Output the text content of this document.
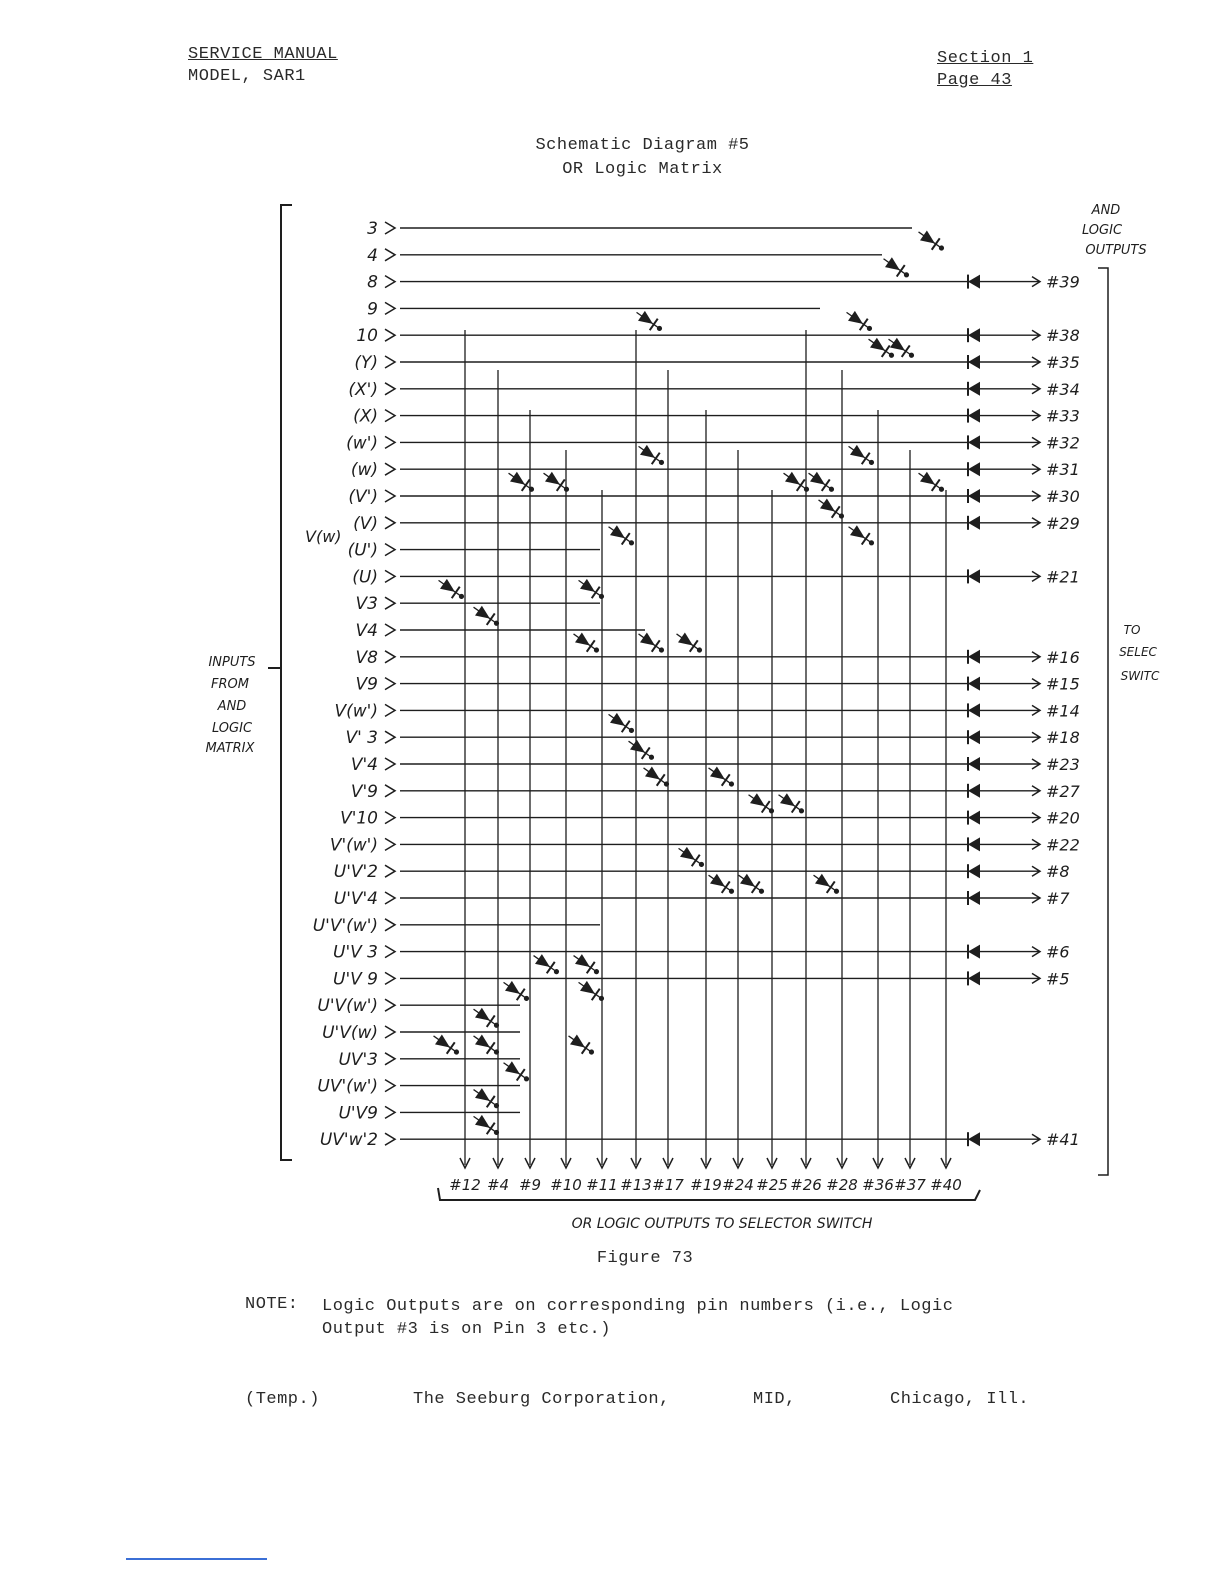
SERVICE MANUAL
MODEL, SAR1
Section 1
Page 43
Schematic Diagram #5
OR Logic Matrix
3
4
8
9
10
(Y)
(X')
(X)
(w')
(w)
(V')
(V)
(U')
(U)
V3
V4
V8
V9
V(w')
V' 3
V'4
V'9
V'10
V'(w')
U'V'2
U'V'4
U'V'(w')
U'V 3
U'V 9
U'V(w')
U'V(w)
UV'3
UV'(w')
U'V9
UV'w'2
V(w)
#12 #4 #9 #10 #11 #13 #17 #19 #24 #25 #26 #28 #36 #37 #40
#39
#38
#35
#34
#33
#32
#31
#30
#29
#21
#16
#15
#14
#18
#23
#27
#20
#22
#8
#7
#6
#5
#41
INPUTS
FROM
AND
LOGIC
MATRIX
AND
LOGIC
OUTPUTS
TO
SELEC
SWITC
OR LOGIC OUTPUTS TO SELECTOR SWITCH
Figure 73
NOTE: Logic Outputs are on corresponding pin numbers (i.e., Logic
Output #3 is on Pin 3 etc.)
(Temp.)	The Seeburg Corporation,	MID,	Chicago, Ill.
